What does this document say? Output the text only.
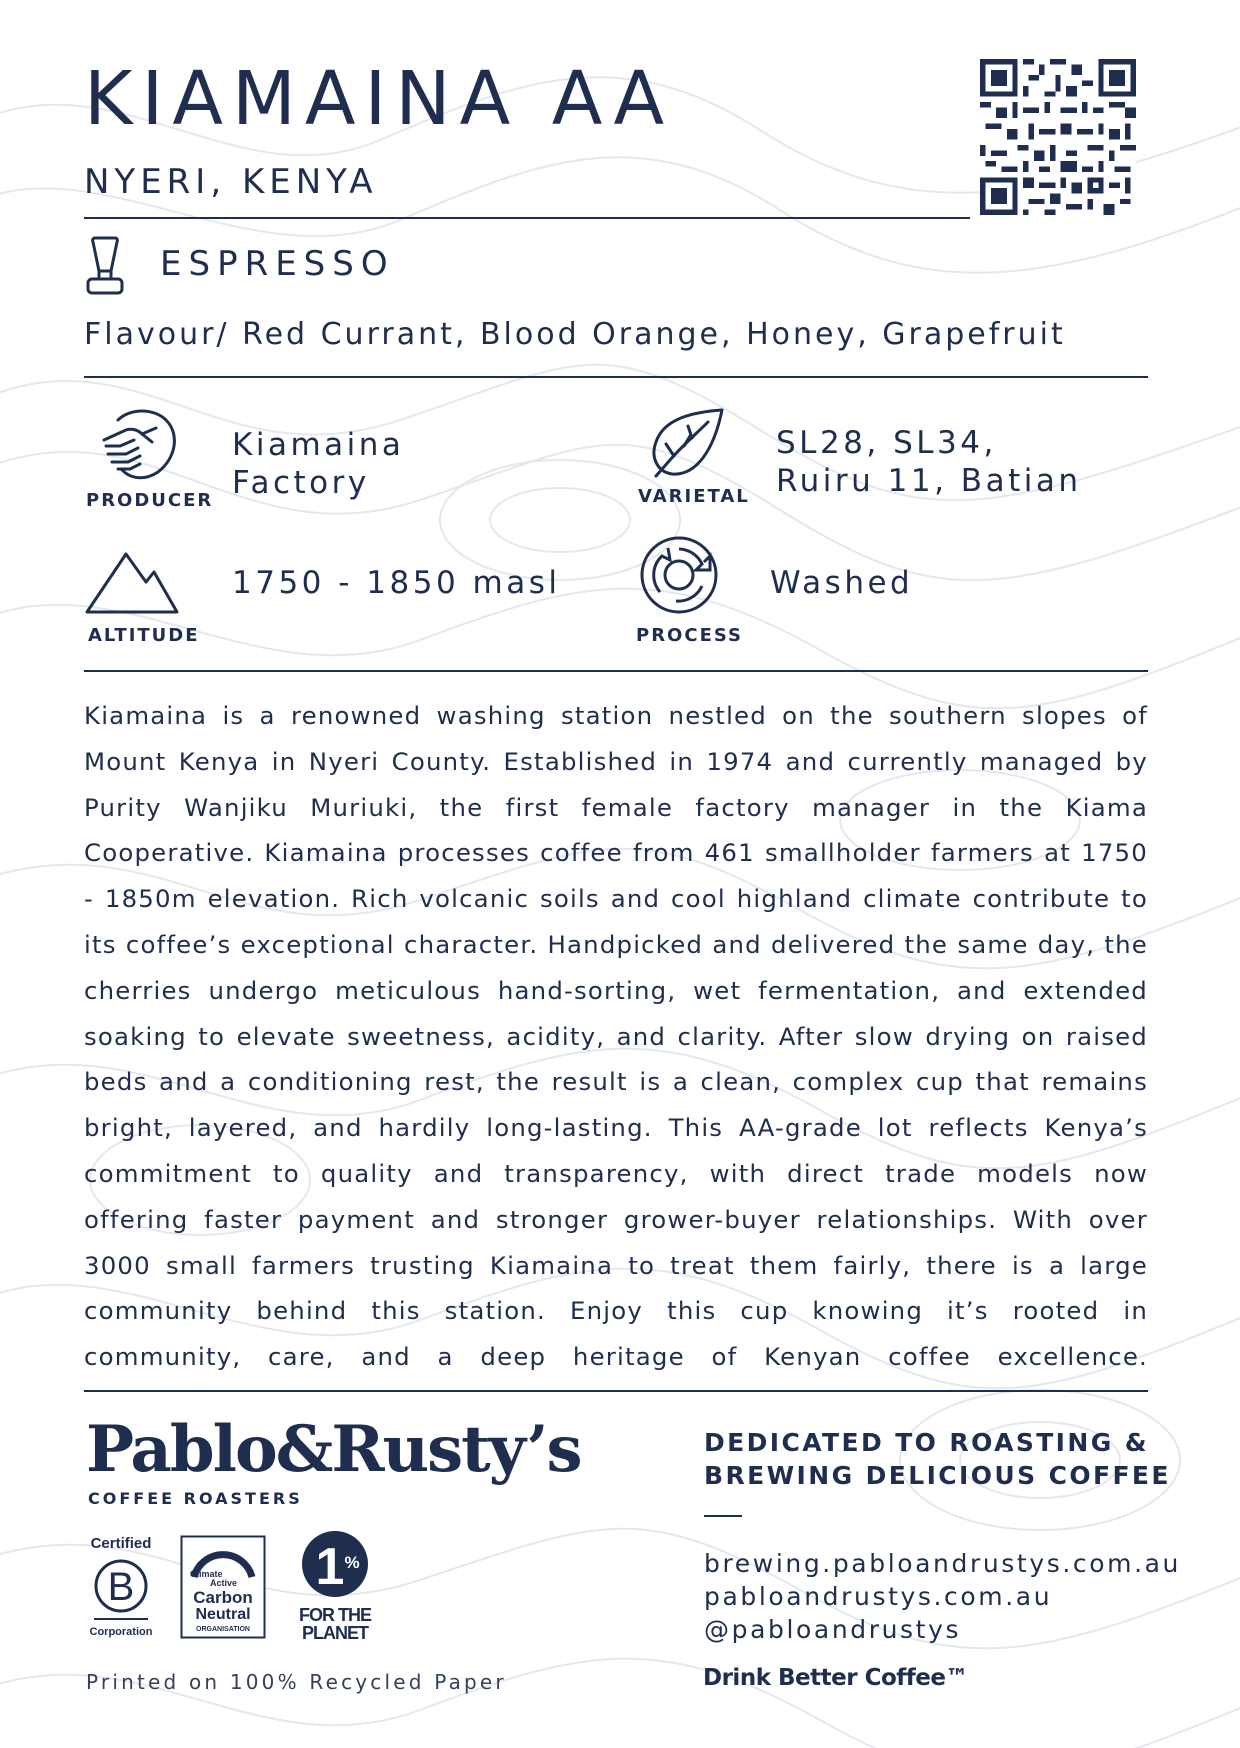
KIAMAINA AA
NYERI, KENYA
ESPRESSO
Flavour/ Red Currant, Blood Orange, Honey, Grapefruit
PRODUCER
Kiamaina
Factory	VARIETAL
SL28, SL34,
Ruiru 11, Batian
ALTITUDE
1750 - 1850 masl
PROCESS
Washed
Kiamaina is a renowned washing station nestled on the southern slopes of Mount Kenya in Nyeri County. Established in 1974 and currently managed by Purity Wanjiku Muriuki, the first female factory manager in the Kiama Cooperative. Kiamaina processes coffee from 461 smallholder farmers at 1750 - 1850m elevation. Rich volcanic soils and cool highland climate contribute to its coffee’s exceptional character. Handpicked and delivered the same day, the cherries undergo meticulous hand-sorting, wet fermentation, and extended soaking to elevate sweetness, acidity, and clarity. After slow drying on raised beds and a conditioning rest, the result is a clean, complex cup that remains bright, layered, and hardily long-lasting. This AA-grade lot reflects Kenya’s commitment to quality and transparency, with direct trade models now offering faster payment and stronger grower-buyer relationships. With over 3000 small farmers trusting Kiamaina to treat them fairly, there is a large community behind this station. Enjoy this cup knowing it’s rooted in community, care, and a deep heritage of Kenyan coffee excellence.
Pablo&Rusty’s
COFFEE ROASTERS
Certified
B
Corporation
Climate
Active
Carbon
Neutral
ORGANISATION
1 %
FOR THE
PLANET
Printed on 100% Recycled Paper
DEDICATED TO ROASTING &
BREWING DELICIOUS COFFEE
brewing.pabloandrustys.com.au
pabloandrustys.com.au
@pabloandrustys
Drink Better Coffee™
